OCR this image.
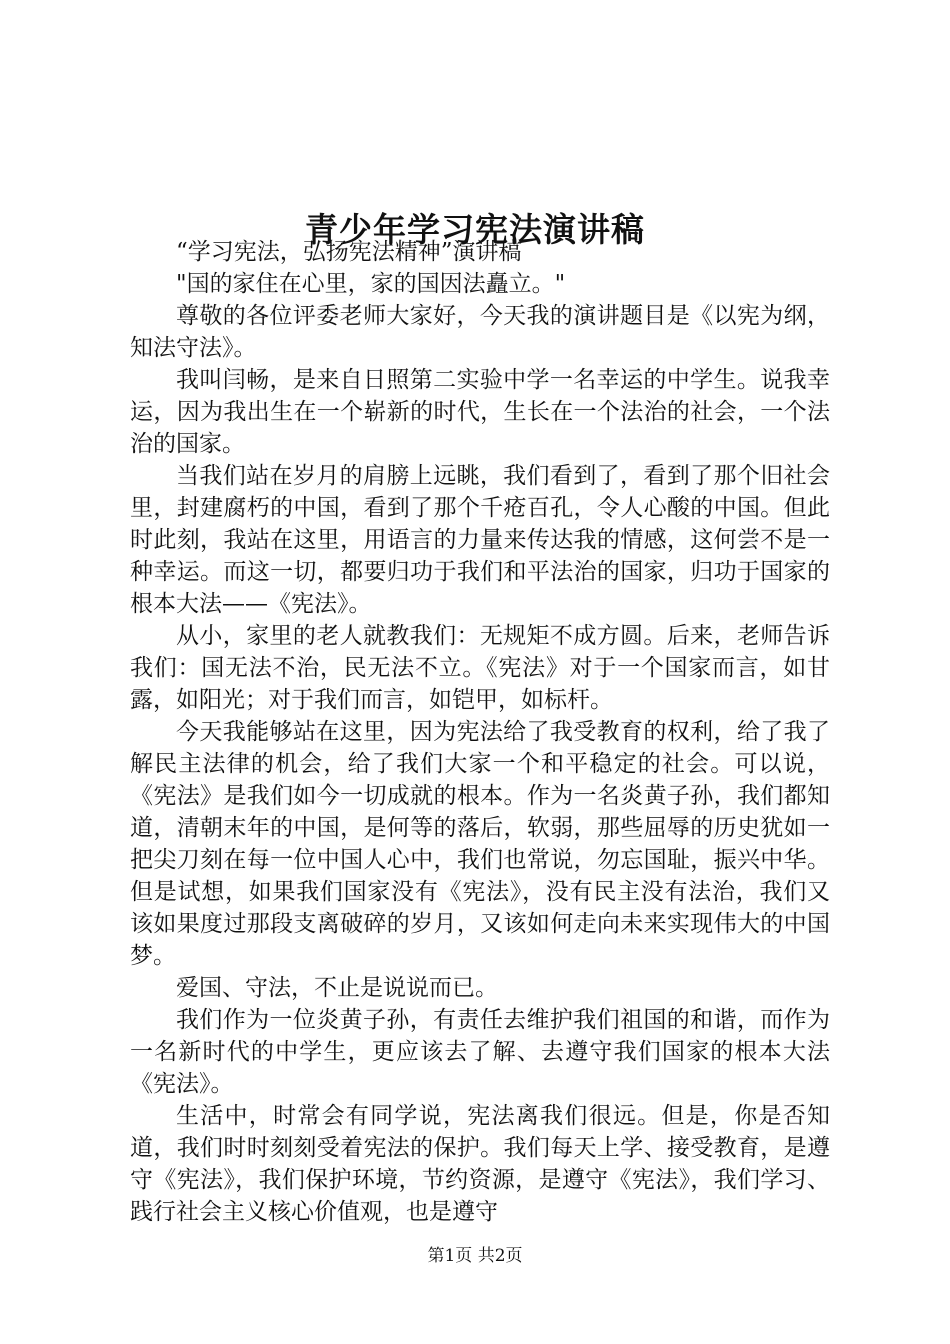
青少年学习宪法演讲稿

“学习宪法，弘扬宪法精神”演讲稿

"国的家住在心里，家的国因法矗立。"

尊敬的各位评委老师大家好，今天我的演讲题目是《以宪为纲，知法守法》。

我叫闫畅，是来自日照第二实验中学一名幸运的中学生。说我幸运，因为我出生在一个崭新的时代，生长在一个法治的社会，一个法治的国家。

当我们站在岁月的肩膀上远眺，我们看到了，看到了那个旧社会里，封建腐朽的中国，看到了那个千疮百孔，令人心酸的中国。但此时此刻，我站在这里，用语言的力量来传达我的情感，这何尝不是一种幸运。而这一切，都要归功于我们和平法治的国家，归功于国家的根本大法——《宪法》。

从小，家里的老人就教我们：无规矩不成方圆。后来，老师告诉我们：国无法不治，民无法不立。《宪法》对于一个国家而言，如甘露，如阳光；对于我们而言，如铠甲，如标杆。

今天我能够站在这里，因为宪法给了我受教育的权利，给了我了解民主法律的机会，给了我们大家一个和平稳定的社会。可以说，《宪法》是我们如今一切成就的根本。作为一名炎黄子孙，我们都知道，清朝末年的中国，是何等的落后，软弱，那些屈辱的历史犹如一把尖刀刻在每一位中国人心中，我们也常说，勿忘国耻，振兴中华。但是试想，如果我们国家没有《宪法》，没有民主没有法治，我们又该如果度过那段支离破碎的岁月，又该如何走向未来实现伟大的中国梦。

爱国、守法，不止是说说而已。

我们作为一位炎黄子孙，有责任去维护我们祖国的和谐，而作为一名新时代的中学生，更应该去了解、去遵守我们国家的根本大法《宪法》。

生活中，时常会有同学说，宪法离我们很远。但是，你是否知道，我们时时刻刻受着宪法的保护。我们每天上学、接受教育，是遵守《宪法》，我们保护环境，节约资源，是遵守《宪法》，我们学习、践行社会主义核心价值观，也是遵守

第1页 共2页
